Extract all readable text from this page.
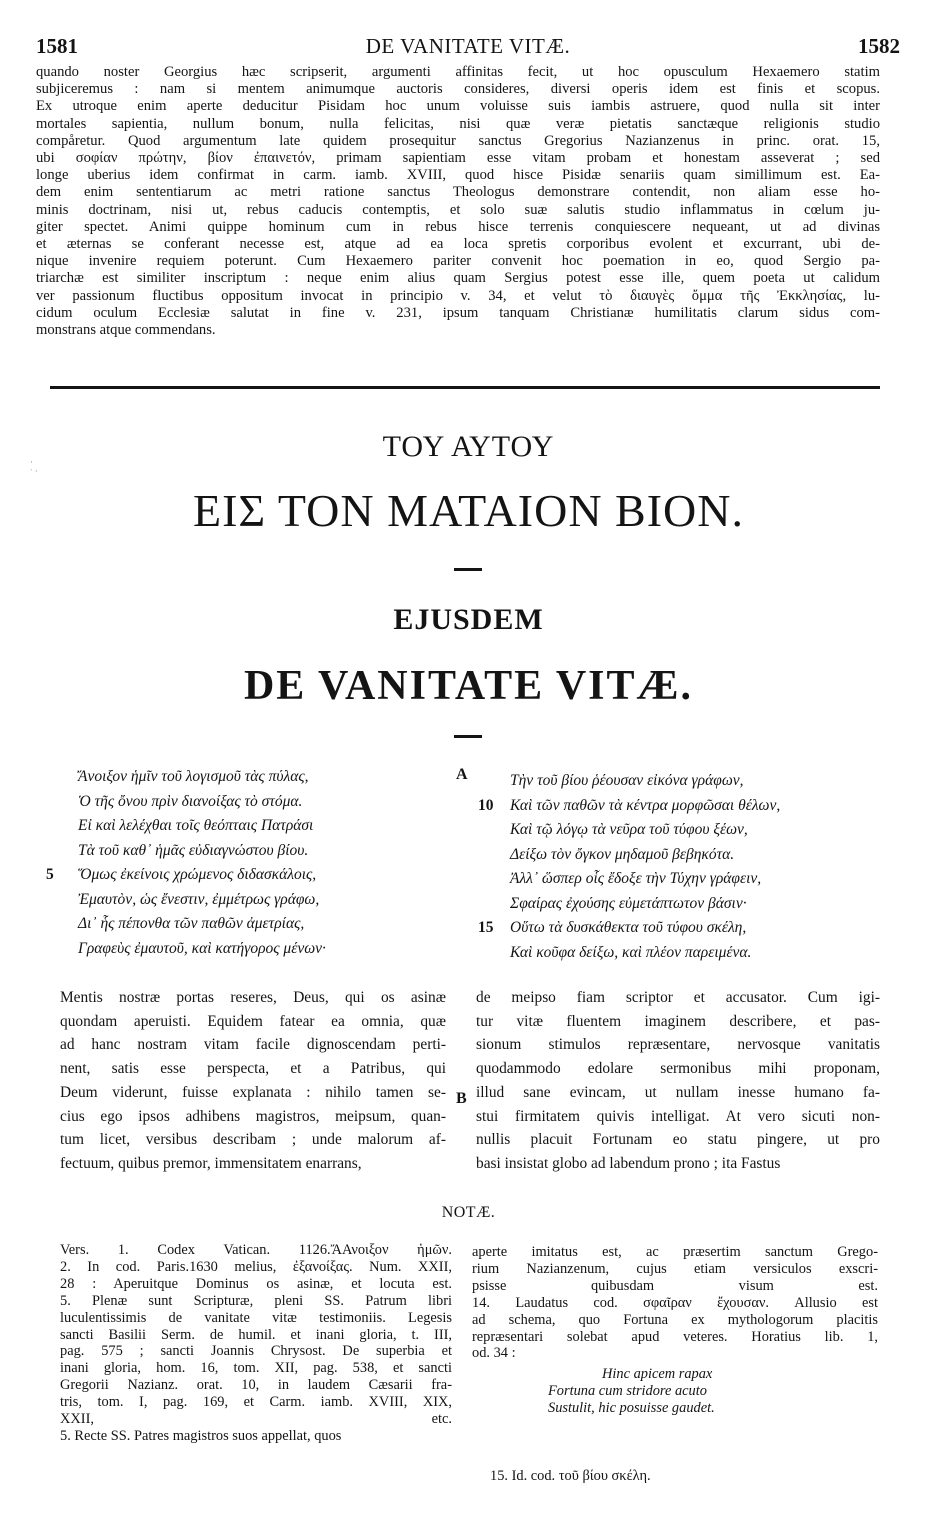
1581	DE VANITATE VITÆ.	1582
quando noster Georgius hæc scripserit, argumenti affinitas fecit, ut hoc opusculum Hexaemero statim
subjiceremus : nam si mentem animumque auctoris consideres, diversi operis idem est finis et scopus.
Ex utroque enim aperte deducitur Pisidam hoc unum voluisse suis iambis astruere, quod nulla sit inter
mortales sapientia, nullum bonum, nulla felicitas, nisi quæ veræ pietatis sanctæque religionis studio
compåretur. Quod argumentum late quidem prosequitur sanctus Gregorius Nazianzenus in princ. orat. 15,
ubi σοφίαν πρώτην, βίον ἐπαινετόν, primam sapientiam esse vitam probam et honestam asseverat ; sed
longe uberius idem confirmat in carm. iamb. XVIII, quod hisce Pisidæ senariis quam simillimum est. Ea-
dem enim sententiarum ac metri ratione sanctus Theologus demonstrare contendit, non aliam esse ho-
minis doctrinam, nisi ut, rebus caducis contemptis, et solo suæ salutis studio inflammatus in cœlum ju-
giter spectet. Animi quippe hominum cum in rebus hisce terrenis conquiescere nequeant, ut ad divinas
et æternas se conferant necesse est, atque ad ea loca spretis corporibus evolent et excurrant, ubi de-
nique invenire requiem poterunt. Cum Hexaemero pariter convenit hoc poemation in eo, quod Sergio pa-
triarchæ est similiter inscriptum : neque enim alius quam Sergius potest esse ille, quem poeta ut calidum
ver passionum fluctibus oppositum invocat in principio v. 34, et velut τὸ διαυγὲς ὄμμα τῆς Ἐκκλησίας, lu-
cidum oculum Ecclesiæ salutat in fine v. 231, ipsum tanquam Christianæ humilitatis clarum sidus com-
monstrans atque commendans.
ΤΟΥ ΑΥΤΟΥ
ΕΙΣ ΤΟΝ ΜΑΤΑΙΟΝ ΒΙΟΝ.
EJUSDEM
DE VANITATE VITÆ.
·
ˑ ·
Ἄνοιξον ἡμῖν τοῦ λογισμοῦ τὰς πύλας,
Ὁ τῆς ὄνου πρὶν διανοίξας τὸ στόμα.
Εἰ καὶ λελέχθαι τοῖς θεόπταις Πατράσι
Τὰ τοῦ καθ᾽ ἡμᾶς εὐδιαγνώστου βίου.
5 Ὅμως ἐκείνοις χρώμενος διδασκάλοις,
Ἐμαυτὸν, ὡς ἔνεστιν, ἐμμέτρως γράφω,
Δι᾽ ἧς πέπονθα τῶν παθῶν ἀμετρίας,
Γραφεὺς ἐμαυτοῦ, καὶ κατήγορος μένων·
A	Τὴν τοῦ βίου ῥέουσαν εἰκόνα γράφων,
10 Καὶ τῶν παθῶν τὰ κέντρα μορφῶσαι θέλων,
Καὶ τῷ λόγῳ τὰ νεῦρα τοῦ τύφου ξέων,
Δείξω τὸν ὄγκον μηδαμοῦ βεβηκότα.
Ἀλλ᾽ ὥσπερ οἷς ἔδοξε τὴν Τύχην γράφειν,
Σφαίρας ἐχούσης εὐμετάπτωτον βάσιν·
15 Οὕτω τὰ δυσκάθεκτα τοῦ τύφου σκέλη,
Καὶ κοῦφα δείξω, καὶ πλέον παρειμένα.
Mentis nostræ portas reseres, Deus, qui os asinæ
quondam aperuisti. Equidem fatear ea omnia, quæ
ad hanc nostram vitam facile dignoscendam perti-
nent, satis esse perspecta, et a Patribus, qui
Deum viderunt, fuisse explanata : nihilo tamen se-
cius ego ipsos adhibens magistros, meipsum, quan-
tum licet, versibus describam ; unde malorum af-
fectuum, quibus premor, immensitatem enarrans,
B
de meipso fiam scriptor et accusator. Cum igi-
tur vitæ fluentem imaginem describere, et pas-
sionum stimulos repræsentare, nervosque vanitatis
quodammodo edolare sermonibus mihi proponam,
illud sane evincam, ut nullam inesse humano fa-
stui firmitatem quivis intelligat. At vero sicuti non-
nullis placuit Fortunam eo statu pingere, ut pro
basi insistat globo ad labendum prono ; ita Fastus
NOTÆ.
Vers. 1. Codex Vatican. 1126.ἌΑνοιξον ἡμῶν.
2. In cod. Paris.1630 melius, ἐξανοίξας. Num. XXII,
28 : Aperuitque Dominus os asinæ, et locuta est.
5. Plenæ sunt Scripturæ, pleni SS. Patrum libri
luculentissimis de vanitate vitæ testimoniis. Legesis
sancti Basilii Serm. de humil. et inani gloria, t. III,
pag. 575 ; sancti Joannis Chrysost. De superbia et
inani gloria, hom. 16, tom. XII, pag. 538, et sancti
Gregorii Nazianz. orat. 10, in laudem Cæsarii fra-
tris, tom. I, pag. 169, et Carm. iamb. XVIII, XIX,
XXII, etc.
5. Recte SS. Patres magistros suos appellat, quos
aperte imitatus est, ac præsertim sanctum Grego-
rium Nazianzenum, cujus etiam versiculos exscri-
psisse quibusdam visum est.
14. Laudatus cod. σφαῖραν ἔχουσαν. Allusio est
ad schema, quo Fortuna ex mythologorum placitis
repræsentari solebat apud veteres. Horatius lib. 1,
od. 34 :
Hinc apicem rapax
Fortuna cum stridore acuto
Sustulit, hic posuisse gaudet.
15. Id. cod. τοῦ βίου σκέλη.
